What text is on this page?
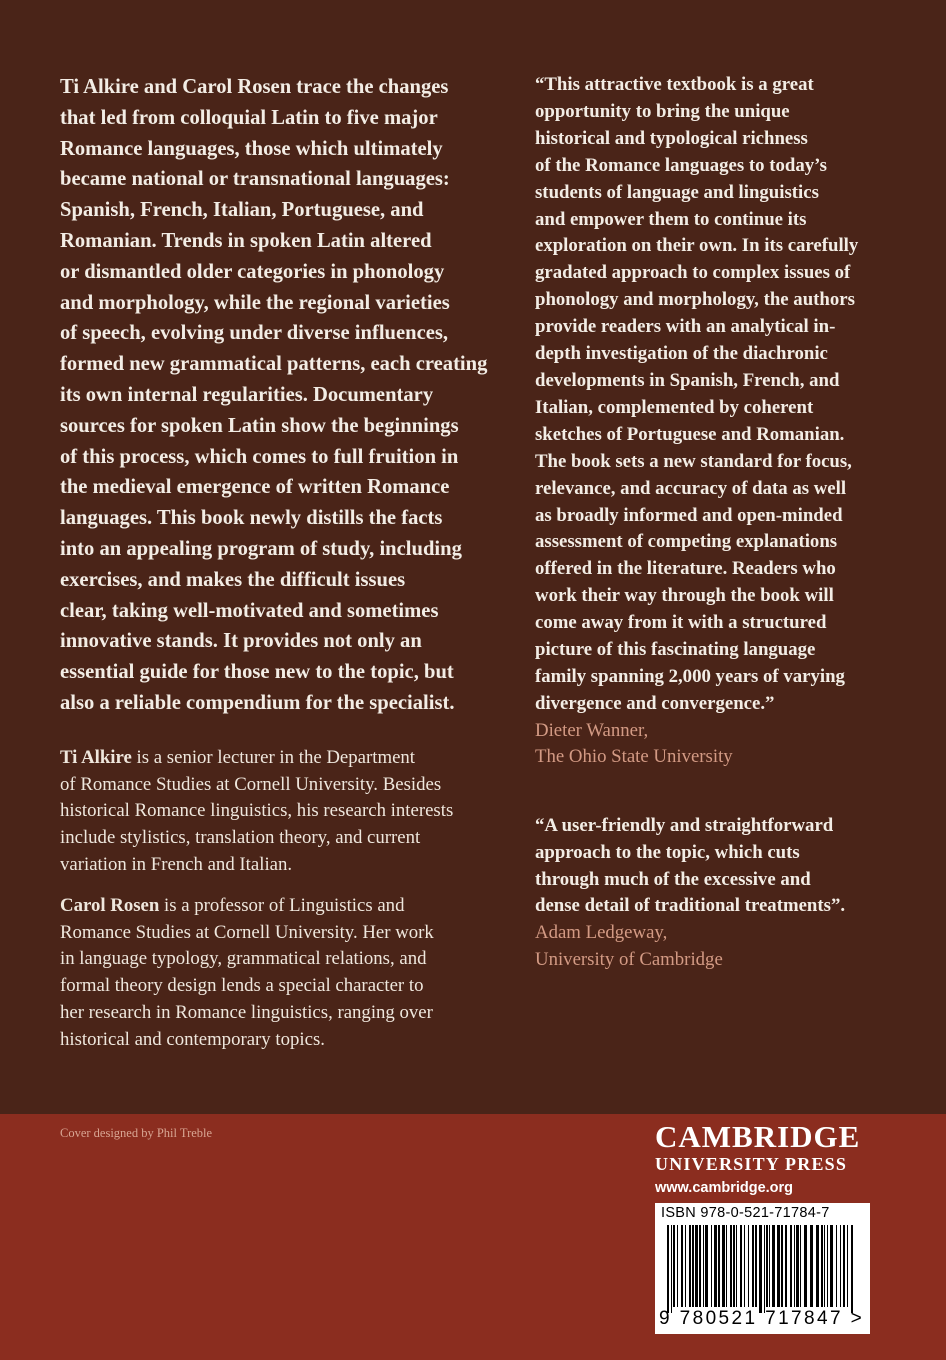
Ti Alkire and Carol Rosen trace the changes
that led from colloquial Latin to five major
Romance languages, those which ultimately
became national or transnational languages:
Spanish, French, Italian, Portuguese, and
Romanian. Trends in spoken Latin altered
or dismantled older categories in phonology
and morphology, while the regional varieties
of speech, evolving under diverse influences,
formed new grammatical patterns, each creating
its own internal regularities. Documentary
sources for spoken Latin show the beginnings
of this process, which comes to full fruition in
the medieval emergence of written Romance
languages. This book newly distills the facts
into an appealing program of study, including
exercises, and makes the difficult issues
clear, taking well-motivated and sometimes
innovative stands. It provides not only an
essential guide for those new to the topic, but
also a reliable compendium for the specialist.

Ti Alkire is a senior lecturer in the Department
of Romance Studies at Cornell University. Besides
historical Romance linguistics, his research interests
include stylistics, translation theory, and current
variation in French and Italian.

Carol Rosen is a professor of Linguistics and
Romance Studies at Cornell University. Her work
in language typology, grammatical relations, and
formal theory design lends a special character to
her research in Romance linguistics, ranging over
historical and contemporary topics.

“This attractive textbook is a great
opportunity to bring the unique
historical and typological richness
of the Romance languages to today’s
students of language and linguistics
and empower them to continue its
exploration on their own. In its carefully
gradated approach to complex issues of
phonology and morphology, the authors
provide readers with an analytical in-
depth investigation of the diachronic
developments in Spanish, French, and
Italian, complemented by coherent
sketches of Portuguese and Romanian.
The book sets a new standard for focus,
relevance, and accuracy of data as well
as broadly informed and open-minded
assessment of competing explanations
offered in the literature. Readers who
work their way through the book will
come away from it with a structured
picture of this fascinating language
family spanning 2,000 years of varying
divergence and convergence.”

Dieter Wanner,

The Ohio State University

“A user-friendly and straightforward
approach to the topic, which cuts
through much of the excessive and
dense detail of traditional treatments”.

Adam Ledgeway,

University of Cambridge

Cover designed by Phil Treble	CAMBRIDGE
UNIVERSITY PRESS
www.cambridge.org
ISBN 978-0-521-71784-7
9 780521 717847 >
